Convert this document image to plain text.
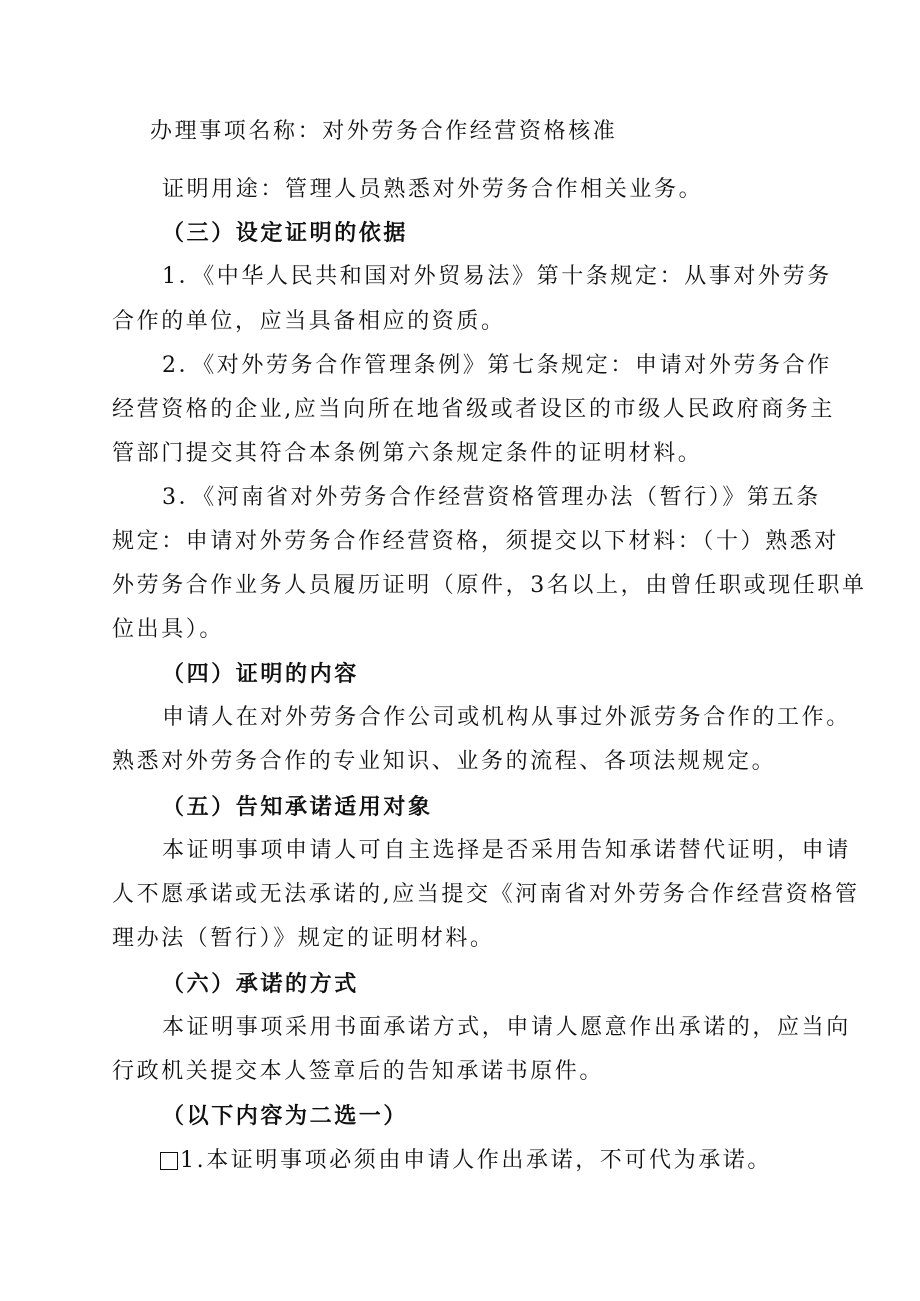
办理事项名称：对外劳务合作经营资格核准
证明用途：管理人员熟悉对外劳务合作相关业务。
（三）设定证明的依据
1．《中华人民共和国对外贸易法》第十条规定：从事对外劳务
合作的单位，应当具备相应的资质。
2．《对外劳务合作管理条例》第七条规定：申请对外劳务合作
经营资格的企业,应当向所在地省级或者设区的市级人民政府商务主
管部门提交其符合本条例第六条规定条件的证明材料。
3．《河南省对外劳务合作经营资格管理办法（暂行）》第五条
规定：申请对外劳务合作经营资格，须提交以下材料：（十）熟悉对
外劳务合作业务人员履历证明（原件，3名以上，由曾任职或现任职单
位出具）。
（四）证明的内容
申请人在对外劳务合作公司或机构从事过外派劳务合作的工作。
熟悉对外劳务合作的专业知识、业务的流程、各项法规规定。
（五）告知承诺适用对象
本证明事项申请人可自主选择是否采用告知承诺替代证明，申请
人不愿承诺或无法承诺的,应当提交《河南省对外劳务合作经营资格管
理办法（暂行）》规定的证明材料。
（六）承诺的方式
本证明事项采用书面承诺方式，申请人愿意作出承诺的，应当向
行政机关提交本人签章后的告知承诺书原件。
（以下内容为二选一）
1.本证明事项必须由申请人作出承诺，不可代为承诺。
